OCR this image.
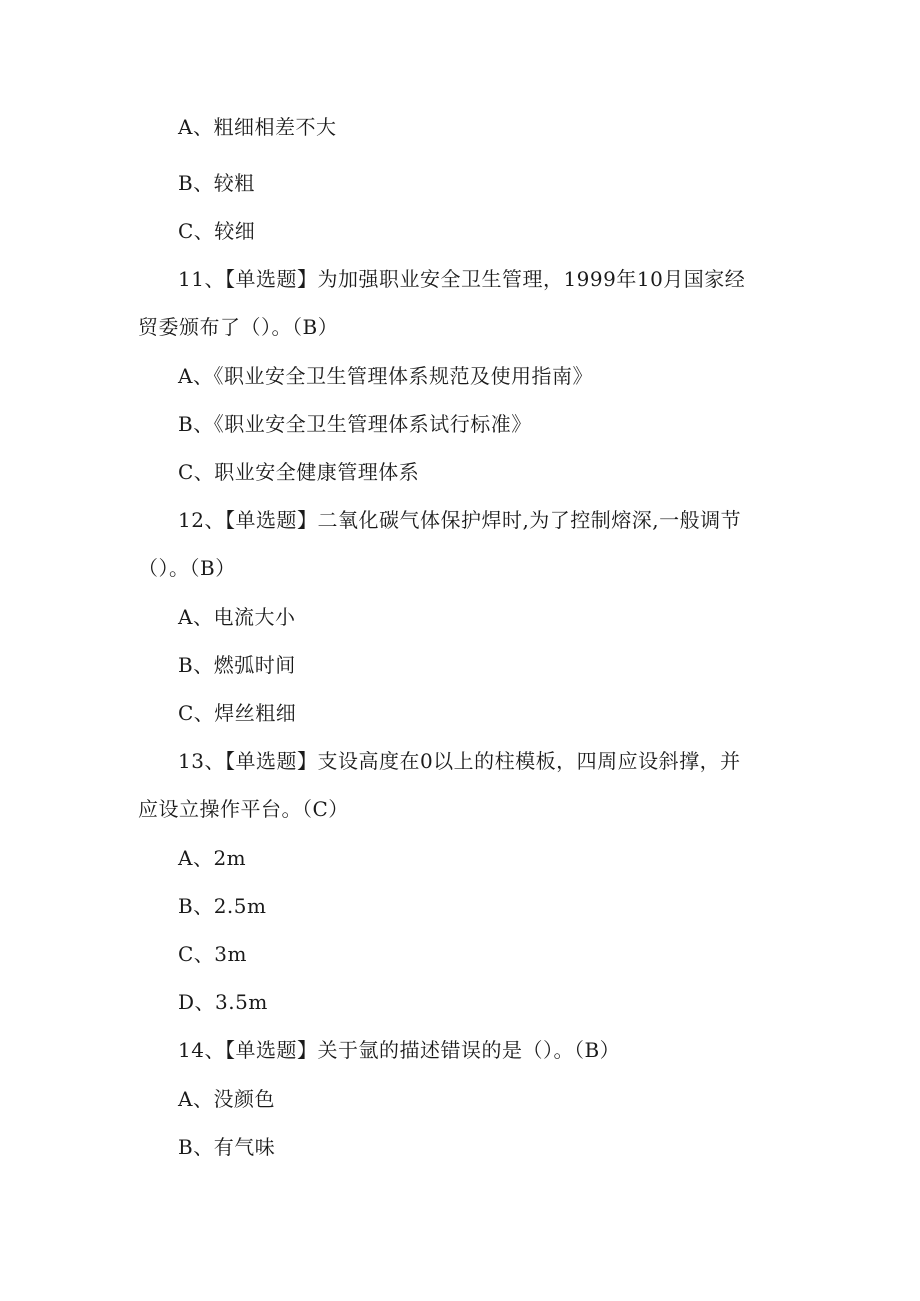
A、粗细相差不大
B、较粗
C、较细
11、【单选题】为加强职业安全卫生管理，1999年10月国家经
贸委颁布了（）。（B）
A、《职业安全卫生管理体系规范及使用指南》
B、《职业安全卫生管理体系试行标准》
C、职业安全健康管理体系
12、【单选题】二氧化碳气体保护焊时,为了控制熔深,一般调节
（）。（B）
A、电流大小
B、燃弧时间
C、焊丝粗细
13、【单选题】支设高度在0以上的柱模板，四周应设斜撑，并
应设立操作平台。（C）
A、2m
B、2.5m
C、3m
D、3.5m
14、【单选题】关于氩的描述错误的是（）。（B）
A、没颜色
B、有气味
